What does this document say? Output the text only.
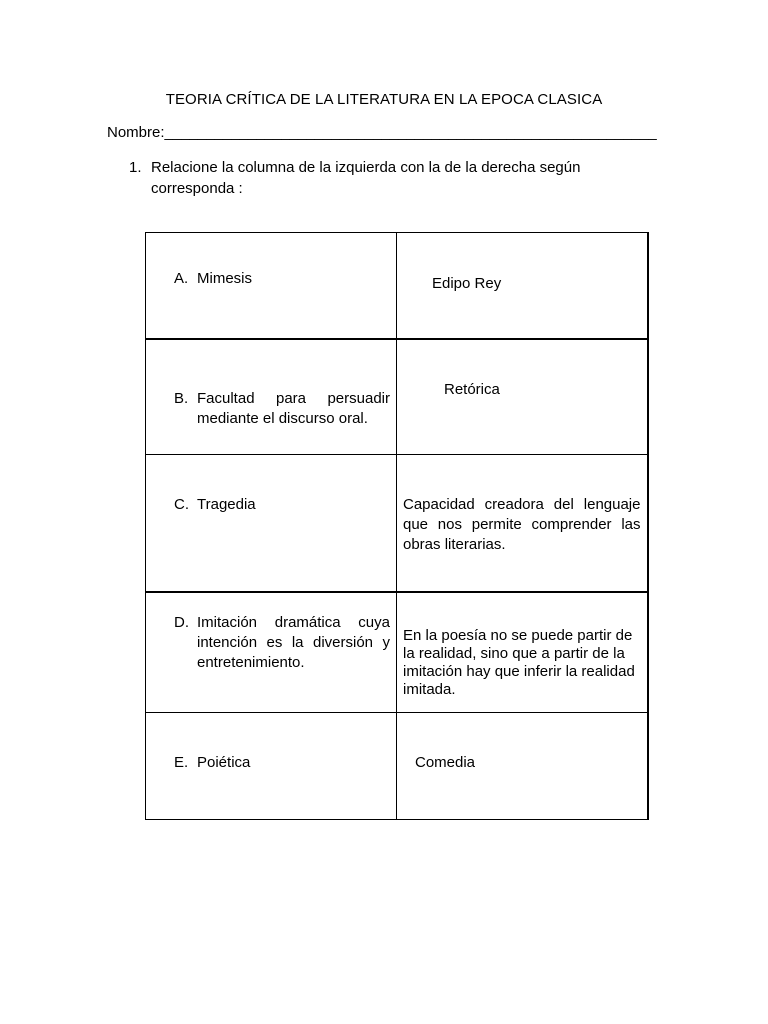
TEORIA CRÍTICA DE LA LITERATURA EN LA EPOCA CLASICA
Nombre:___________________________________________________________
1. Relacione la columna de la izquierda con la de la derecha según corresponda :
A. Mimesis	Edipo Rey

B. Facultad para persuadir mediante el discurso oral.	Retórica

C. Tragedia	Capacidad creadora del lenguaje que nos permite comprender las obras literarias.

D. Imitación dramática cuya intención es la diversión y entretenimiento.	En la poesía no se puede partir de la realidad, sino que a partir de la imitación hay que inferir la realidad imitada.

E. Poiética	Comedia
